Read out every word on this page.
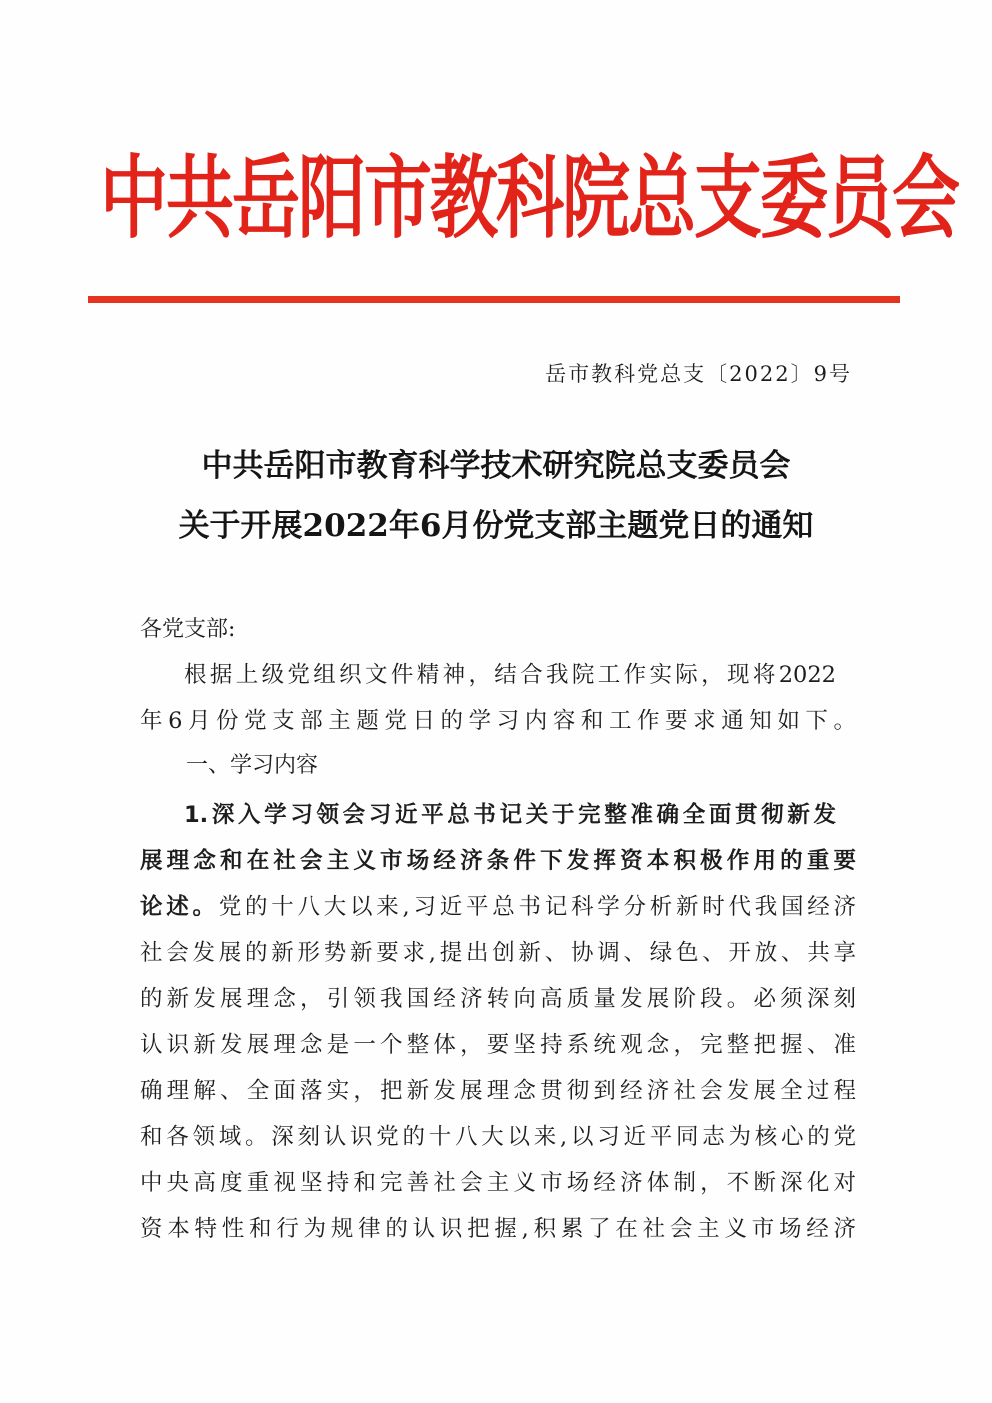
中共岳阳市教科院总支委员会
岳市教科党总支〔2022〕9号
中共岳阳市教育科学技术研究院总支委员会
关于开展2022年6月份党支部主题党日的通知
各党支部:
根据上级党组织文件精神，结合我院工作实际，现将2022
年6月份党支部主题党日的学习内容和工作要求通知如下。
一、学习内容
1.深入学习领会习近平总书记关于完整准确全面贯彻新发
展理念和在社会主义市场经济条件下发挥资本积极作用的重要
论述。党的十八大以来,习近平总书记科学分析新时代我国经济
社会发展的新形势新要求,提出创新、协调、绿色、开放、共享
的新发展理念，引领我国经济转向高质量发展阶段。必须深刻
认识新发展理念是一个整体，要坚持系统观念，完整把握、准
确理解、全面落实，把新发展理念贯彻到经济社会发展全过程
和各领域。深刻认识党的十八大以来,以习近平同志为核心的党
中央高度重视坚持和完善社会主义市场经济体制，不断深化对
资本特性和行为规律的认识把握,积累了在社会主义市场经济
